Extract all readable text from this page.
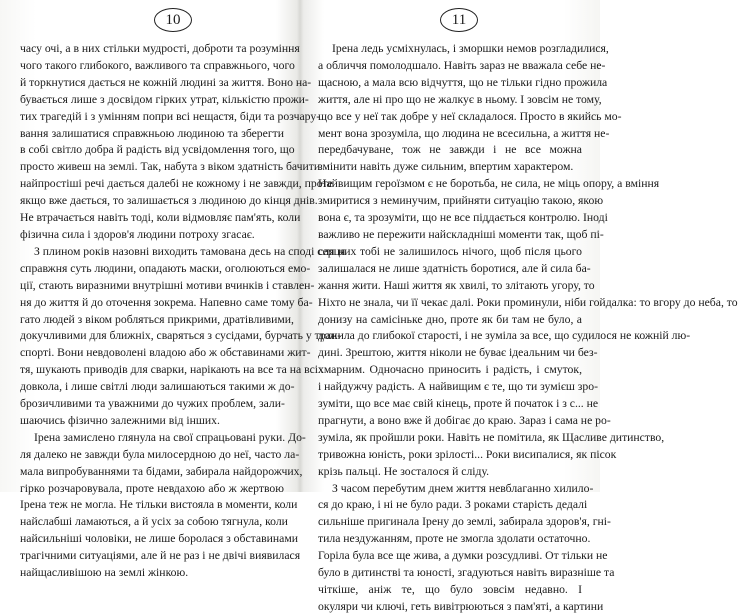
10
часу очі, а в них стільки мудрості, доброти та розуміння
чого такого глибокого, важливого та справжнього, чого
й торкнутися дається не кожній людині за життя. Воно на-
бувається лише з досвідом гірких утрат, кількістю прожи-
тих трагедій і з умінням попри всі нещастя, біди та розчару-
вання залишатися справжньою людиною та зберегти
в собі світло добра й радість від усвідомлення того, що
просто живеш на землі. Так, набута з віком здатність бачити
найпростіші речі дається далебі не кожному і не завжди, проте
якщо вже дається, то залишається з людиною до кінця днів.
Не втрачається навіть тоді, коли відмовляє пам'ять, коли
фізична сила і здоров'я людини потроху згасає.
З плином років назовні виходить тамована десь на споді серця
справжня суть людини, опадають маски, оголюються емо-
ції, стають виразними внутрішні мотиви вчинків і ставлен-
ня до життя й до оточення зокрема. Напевно саме тому ба-
гато людей з віком робляться прикрими, дратівливими,
докучливими для ближніх, сваряться з сусідами, бурчать у тран-
спорті. Вони невдоволені владою або ж обставинами жит-
тя, шукають приводів для сварки, нарікають на все та на всіх
довкола, і лише світлі люди залишаються такими ж до-
брозичливими та уважними до чужих проблем, зали-
шаючись фізично залежними від інших.
Ірена замислено глянула на свої спрацьовані руки. До-
ля далеко не завжди була милосердною до неї, часто ла-
мала випробуваннями та бідами, забирала найдорожчих,
гірко розчаровувала, проте невдахою або ж жертвою
Ірена теж не могла. Не тільки вистояла в моменти, коли
найслабші ламаються, а й усіх за собою тягнула, коли
найсильніші чоловіки, не лише боролася з обставинами
трагічними ситуаціями, але й не раз і не двічі виявилася
найщасливішою на землі жінкою.
11
Ірена ледь усміхнулась, і зморшки немов розгладилися,
а обличчя помолодшало. Навіть зараз не вважала себе не-
щасною, а мала всю відчуття, що не тільки гідно прожила
життя, але ні про що не жалкує в ньому. І зовсім не тому,
що все у неї так добре у неї складалося. Просто в якийсь мо-
мент вона зрозуміла, що людина не всесильна, а життя не-
передбачуване, тож не завжди і не все можна
змінити навіть дуже сильним, впертим характером.
Найвищим героїзмом є не боротьба, не сила, не міць опору, а вміння
змиритися з неминучим, прийняти ситуацію такою, якою
вона є, та зрозуміти, що не все піддається контролю. Іноді
важливо не пережити найскладніші моменти так, щоб пі-
сля них тобі не залишилось нічого, щоб після цього
залишалася не лише здатність боротися, але й сила ба-
жання жити. Наші життя як хвилі, то злітають угору, то
Ніхто не знала, чи її чекає далі. Роки проминули, ніби гойдалка: то вгору до неба, то
донизу на самісіньке дно, проте як би там не було, а
дожила до глибокої старості, і не зуміла за все, що судилося не кожній лю-
дині. Зрештою, життя ніколи не буває ідеальним чи без-
хмарним. Одночасно приносить і радість, і смуток,
і найдужчу радість. А найвищим є те, що ти зумієш зро-
зуміти, що все має свій кінець, проте й початок і з с... не
прагнути, а воно вже й добігає до краю. Зараз і сама не ро-
зуміла, як пройшли роки. Навіть не помітила, як Щасливе дитинство,
тривожна юність, роки зрілості... Роки висипалися, як пісок
крізь пальці. Не зосталося й сліду.
З часом перебутим днем життя невблаганно хилило-
ся до краю, і ні не було ради. З роками старість дедалі
сильніше пригинала Ірену до землі, забирала здоров'я, гні-
тила нездужанням, проте не змогла здолати остаточно.
Горіла була все ще жива, а думки розсудливі. От тільки не
було в дитинстві та юності, згадуються навіть виразніше та
чіткіше, аніж те, що було зовсім недавно. І
окуляри чи ключі, геть вивітрюються з пам'яті, а картини
